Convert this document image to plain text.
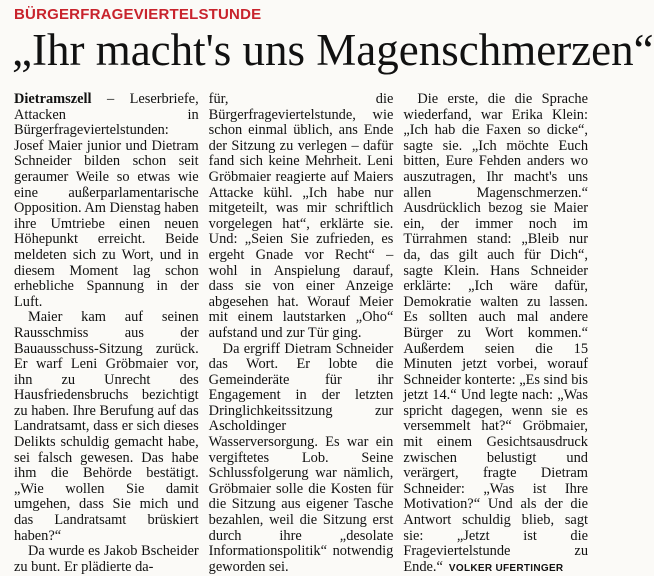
BÜRGERFRAGEVIERTELSTUNDE
„Ihr macht's uns Magenschmerzen“

Dietramszell – Leserbriefe, Attacken in Bürgerfrageviertelstunden: Josef Maier junior und Dietram Schneider bilden schon seit geraumer Weile so etwas wie eine außerparlamentarische Opposition. Am Dienstag haben ihre Umtriebe einen neuen Höhepunkt erreicht. Beide meldeten sich zu Wort, und in diesem Moment lag schon erhebliche Spannung in der Luft.

Maier kam auf seinen Rausschmiss aus der Bauausschuss-Sitzung zurück. Er warf Leni Gröbmaier vor, ihn zu Unrecht des Hausfriedensbruchs bezichtigt zu haben. Ihre Berufung auf das Landratsamt, dass er sich dieses Delikts schuldig gemacht habe, sei falsch gewesen. Das habe ihm die Behörde bestätigt. „Wie wollen Sie damit umgehen, dass Sie mich und das Landratsamt brüskiert haben?“

Da wurde es Jakob Bscheider zu bunt. Er plädierte da-

für, die Bürgerfrageviertelstunde, wie schon einmal üblich, ans Ende der Sitzung zu verlegen – dafür fand sich keine Mehrheit. Leni Gröbmaier reagierte auf Maiers Attacke kühl. „Ich habe nur mitgeteilt, was mir schriftlich vorgelegen hat“, erklärte sie. Und: „Seien Sie zufrieden, es ergeht Gnade vor Recht“ – wohl in Anspielung darauf, dass sie von einer Anzeige abgesehen hat. Worauf Meier mit einem lautstarken „Oho“ aufstand und zur Tür ging.

Da ergriff Dietram Schneider das Wort. Er lobte die Gemeinderäte für ihr Engagement in der letzten Dringlichkeitssitzung zur Ascholdinger Wasserversorgung. Es war ein vergiftetes Lob. Seine Schlussfolgerung war nämlich, Gröbmaier solle die Kosten für die Sitzung aus eigener Tasche bezahlen, weil die Sitzung erst durch ihre „desolate Informationspolitik“ notwendig geworden sei.

Die erste, die die Sprache wiederfand, war Erika Klein: „Ich hab die Faxen so dicke“, sagte sie. „Ich möchte Euch bitten, Eure Fehden anders wo auszutragen, Ihr macht's uns allen Magenschmerzen.“ Ausdrücklich bezog sie Maier ein, der immer noch im Türrahmen stand: „Bleib nur da, das gilt auch für Dich“, sagte Klein. Hans Schneider erklärte: „Ich wäre dafür, Demokratie walten zu lassen. Es sollten auch mal andere Bürger zu Wort kommen.“ Außerdem seien die 15 Minuten jetzt vorbei, worauf Schneider konterte: „Es sind bis jetzt 14.“ Und legte nach: „Was spricht dagegen, wenn sie es versemmelt hat?“ Gröbmaier, mit einem Gesichtsausdruck zwischen belustigt und verärgert, fragte Dietram Schneider: „Was ist Ihre Motivation?“ Und als der die Antwort schuldig blieb, sagt sie: „Jetzt ist die Frageviertelstunde zu Ende.“ VOLKER UFERTINGER
